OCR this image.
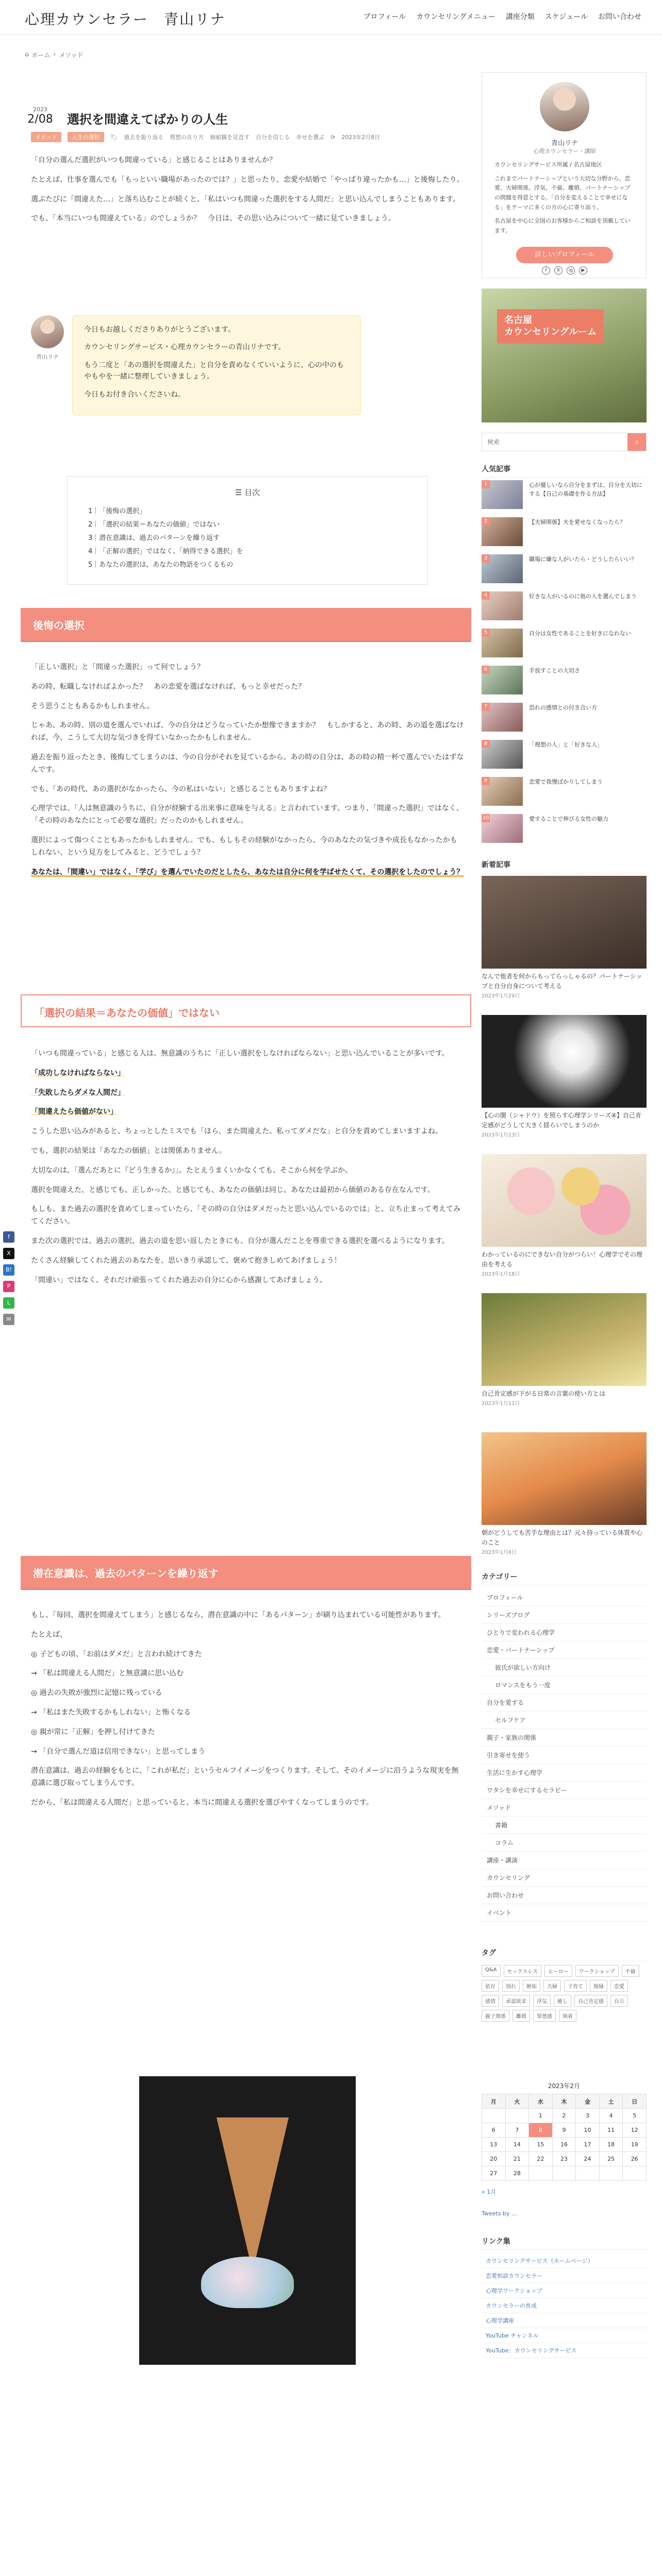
心理カウンセラー　青山リナ	プロフィール カウンセリングメニュー 講座分類 スケジュール お問い合わせ
⌂ ホーム › メソッド
2023
2/08 選択を間違えてばかりの人生
メソッド	人生の選択	🏷 過去を振り返る 理想の在り方 価値観を見直す 自分を信じる 幸せを選ぶ ⟳ 2023年2月8日

「自分の選んだ選択がいつも間違っている」と感じることはありませんか？

たとえば、仕事を選んでも「もっといい職場があったのでは？」と思ったり、恋愛や結婚で「やっぱり違ったかも…」と後悔したり。

選ぶたびに「間違えた…」と落ち込むことが続くと、「私はいつも間違った選択をする人間だ」と思い込んでしまうこともあります。

でも、「本当にいつも間違えている」のでしょうか？　今日は、その思い込みについて一緒に見ていきましょう。

青山リナ

今日もお越しくださりありがとうございます。

カウンセリングサービス・心理カウンセラーの青山リナです。

もう二度と「あの選択を間違えた」と自分を責めなくていいように、心の中のもやもやを一緒に整理していきましょう。

今日もお付き合いくださいね。

☰ 目次
1｜「後悔の選択」
2｜「選択の結果＝あなたの価値」ではない
3｜潜在意識は、過去のパターンを繰り返す
4｜「正解の選択」ではなく、「納得できる選択」を
5｜あなたの選択は、あなたの物語をつくるもの
後悔の選択

「正しい選択」と「間違った選択」って何でしょう？

あの時、転職しなければよかった？　あの恋愛を選ばなければ、もっと幸せだった？

そう思うこともあるかもしれません。

じゃあ、あの時、別の道を選んでいれば、今の自分はどうなっていたか想像できますか？　もしかすると、あの時、あの道を選ばなければ、今、こうして大切な気づきを得ていなかったかもしれません。

過去を振り返ったとき、後悔してしまうのは、今の自分がそれを見ているから。あの時の自分は、あの時の精一杯で選んでいたはずなんです。

でも、「あの時代、あの選択がなかったら、今の私はいない」と感じることもありますよね？

心理学では、「人は無意識のうちに、自分が経験する出来事に意味を与える」と言われています。つまり、「間違った選択」ではなく、「その時のあなたにとって必要な選択」だったのかもしれません。

選択によって傷つくこともあったかもしれません。でも、もしもその経験がなかったら、今のあなたの気づきや成長もなかったかもしれない、という見方をしてみると、どうでしょう？

あなたは、「間違い」ではなく、「学び」を選んでいたのだとしたら、あなたは自分に何を学ばせたくて、その選択をしたのでしょう？

「選択の結果＝あなたの価値」ではない

「いつも間違っている」と感じる人は、無意識のうちに「正しい選択をしなければならない」と思い込んでいることが多いです。

「成功しなければならない」

「失敗したらダメな人間だ」

「間違えたら価値がない」

こうした思い込みがあると、ちょっとしたミスでも「ほら、また間違えた。私ってダメだな」と自分を責めてしまいますよね。

でも、選択の結果は「あなたの価値」とは関係ありません。

大切なのは、「選んだあとに『どう生きるか』」。たとえうまくいかなくても、そこから何を学ぶか。

選択を間違えた、と感じても、正しかった、と感じても、あなたの価値は同じ。あなたは最初から価値のある存在なんです。

もしも、また過去の選択を責めてしまっていたら、「その時の自分はダメだったと思い込んでいるのでは」と、立ち止まって考えてみてください。

また次の選択では、過去の選択、過去の道を思い返したときにも、自分が選んだことを尊重できる選択を選べるようになります。

たくさん経験してくれた過去のあなたを、思いきり承認して、褒めて抱きしめてあげましょう！

「間違い」ではなく、それだけ頑張ってくれた過去の自分に心から感謝してあげましょう。

潜在意識は、過去のパターンを繰り返す

もし、「毎回、選択を間違えてしまう」と感じるなら、潜在意識の中に「あるパターン」が刷り込まれている可能性があります。

たとえば、

◎ 子どもの頃、「お前はダメだ」と言われ続けてきた

→ 「私は間違える人間だ」と無意識に思い込む

◎ 過去の失敗が強烈に記憶に残っている

→ 「私はまた失敗するかもしれない」と怖くなる

◎ 親が常に「正解」を押し付けてきた

→ 「自分で選んだ道は信用できない」と思ってしまう

潜在意識は、過去の経験をもとに、「これが私だ」というセルフイメージをつくります。そして、そのイメージに沿うような現実を無意識に選び取ってしまうんです。

だから、「私は間違える人間だ」と思っていると、本当に間違える選択を選びやすくなってしまうのです。

f
X
B!
P
L
✉
青山リナ
心理カウンセラー・講師
カウンセリングサービス所属 / 名古屋地区
これまでパートナーシップという大切な分野から、恋愛、夫婦関係、浮気、不倫、離婚、パートナーシップの問題を得意とする。「自分を変えることで幸せになる」をテーマに多くの方の心に寄り添う。
名古屋を中心に全国のお客様からご相談を頂戴しています。
詳しいプロフィール
f	X	ig	▶
名古屋
カウンセリングルーム
検索
⌕
人気記事
1	心が優しいなら自分をまずは、自分を大切にする【自己の基礎を作る方法】
2	【夫婦関係】夫を愛せなくなったら？
3	職場に嫌な人がいたら・どうしたらいい？
4	好きな人がいるのに他の人を選んでしまう
5	自分は女性であることを好きになれない
6	手放すことの大切さ
7	恐れの感情との付き合い方
8	「理想の人」と「好きな人」
9	恋愛で我慢ばかりしてしまう
10	愛することで伸びる女性の魅力
新着記事
なんで他者を何からもってらっしゃるの？パートナーシップと自分自身について考える
2023年1月29日
【心の闇（シャドウ）を照らす心理学シリーズ④】自己肯定感がどうして大きく揺らいでしまうのか
2023年1月23日
わかっているのにできない自分がつらい！心理学でその理由を考える
2023年1月18日
自己肯定感が下がる日常の言葉の使い方とは
2023年1月11日
朝がどうしても苦手な理由とは？元々持っている体質や心のこと
2023年1月6日
カテゴリー
プロフィール
シリーズブログ
ひとりで変われる心理学
恋愛・パートナーシップ
彼氏が欲しい方向け
ロマンスをもう一度
自分を愛する
セルフケア
親子・家族の関係
引き寄せを使う
生活に生かす心理学
ワタシを幸せにするセラピー
メソッド
書籍
コラム
講座・講演
カウンセリング
お問い合わせ
イベント
タグ
Q&A	セックスレス	ヒーロー	ワークショップ	不倫
依存	別れ	嫉妬	夫婦	子育て	復縁	恋愛
感情	承認欲求	浮気	癒し	自己肯定感	自立
親子関係	離婚	罪悪感	執着
2023年2月
月	火	水	木	金	土	日
		1	2	3	4	5
6	7	8	9	10	11	12
13	14	15	16	17	18	19
20	21	22	23	24	25	26
27	28					
« 1月
Tweets by ...
リンク集
カウンセリングサービス（ホームページ）
恋愛相談カウンセラー
心理学ワークショップ
カウンセラーの育成
心理学講座
YouTube チャンネル
YouTube：カウンセリングサービス
